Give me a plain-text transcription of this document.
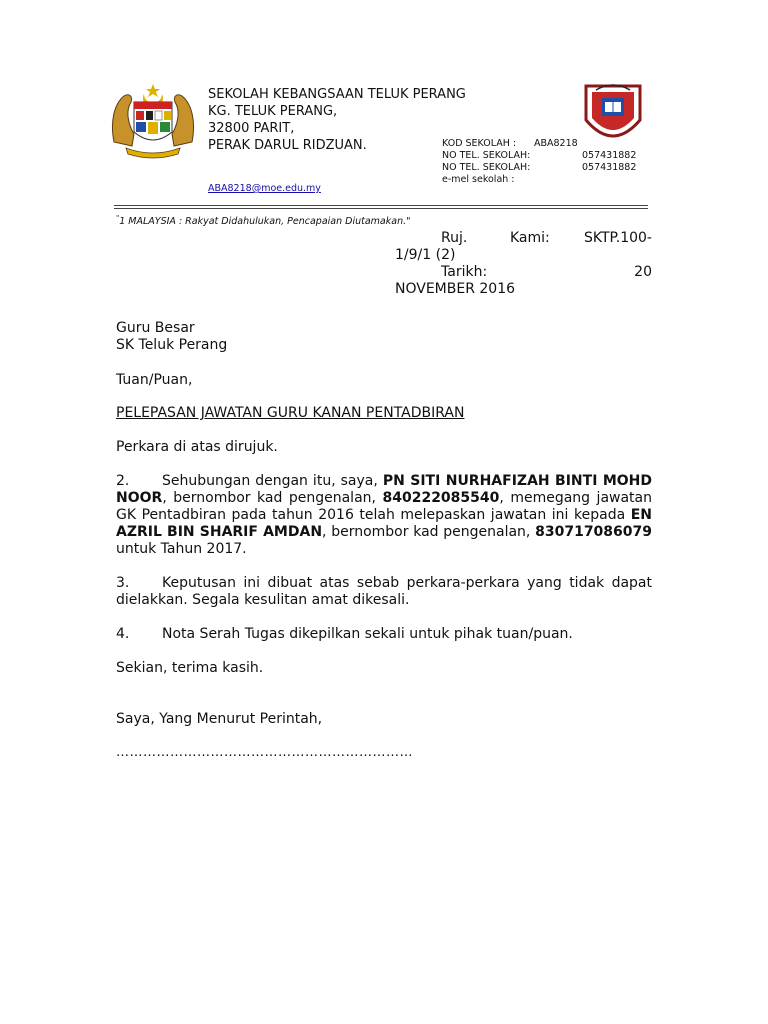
SEKOLAH KEBANGSAAN TELUK PERANG
KG. TELUK PERANG,
32800 PARIT,
PERAK DARUL RIDZUAN.	KOD SEKOLAH : ABA8218
NO TEL. SEKOLAH:	057431882
NO TEL. SEKOLAH:	057431882
e-mel sekolah :
ABA8218@moe.edu.my
"1 MALAYSIA : Rakyat Didahulukan, Pencapaian Diutamakan."
Ruj.	Kami:	SKTP.100-
1/9/1 (2)
Tarikh:	20
NOVEMBER 2016
Guru Besar
SK Teluk Perang
Tuan/Puan,
PELEPASAN JAWATAN GURU KANAN PENTADBIRAN
Perkara di atas dirujuk.
2. Sehubungan dengan itu, saya, PN SITI NURHAFIZAH BINTI MOHD NOOR, bernombor kad pengenalan, 840222085540, memegang jawatan GK Pentadbiran pada tahun 2016 telah melepaskan jawatan ini kepada EN AZRIL BIN SHARIF AMDAN, bernombor kad pengenalan, 830717086079 untuk Tahun 2017.
3. Keputusan ini dibuat atas sebab perkara-perkara yang tidak dapat dielakkan. Segala kesulitan amat dikesali.
4. Nota Serah Tugas dikepilkan sekali untuk pihak tuan/puan.
Sekian, terima kasih.
Saya, Yang Menurut Perintah,
…………………………………………………………
